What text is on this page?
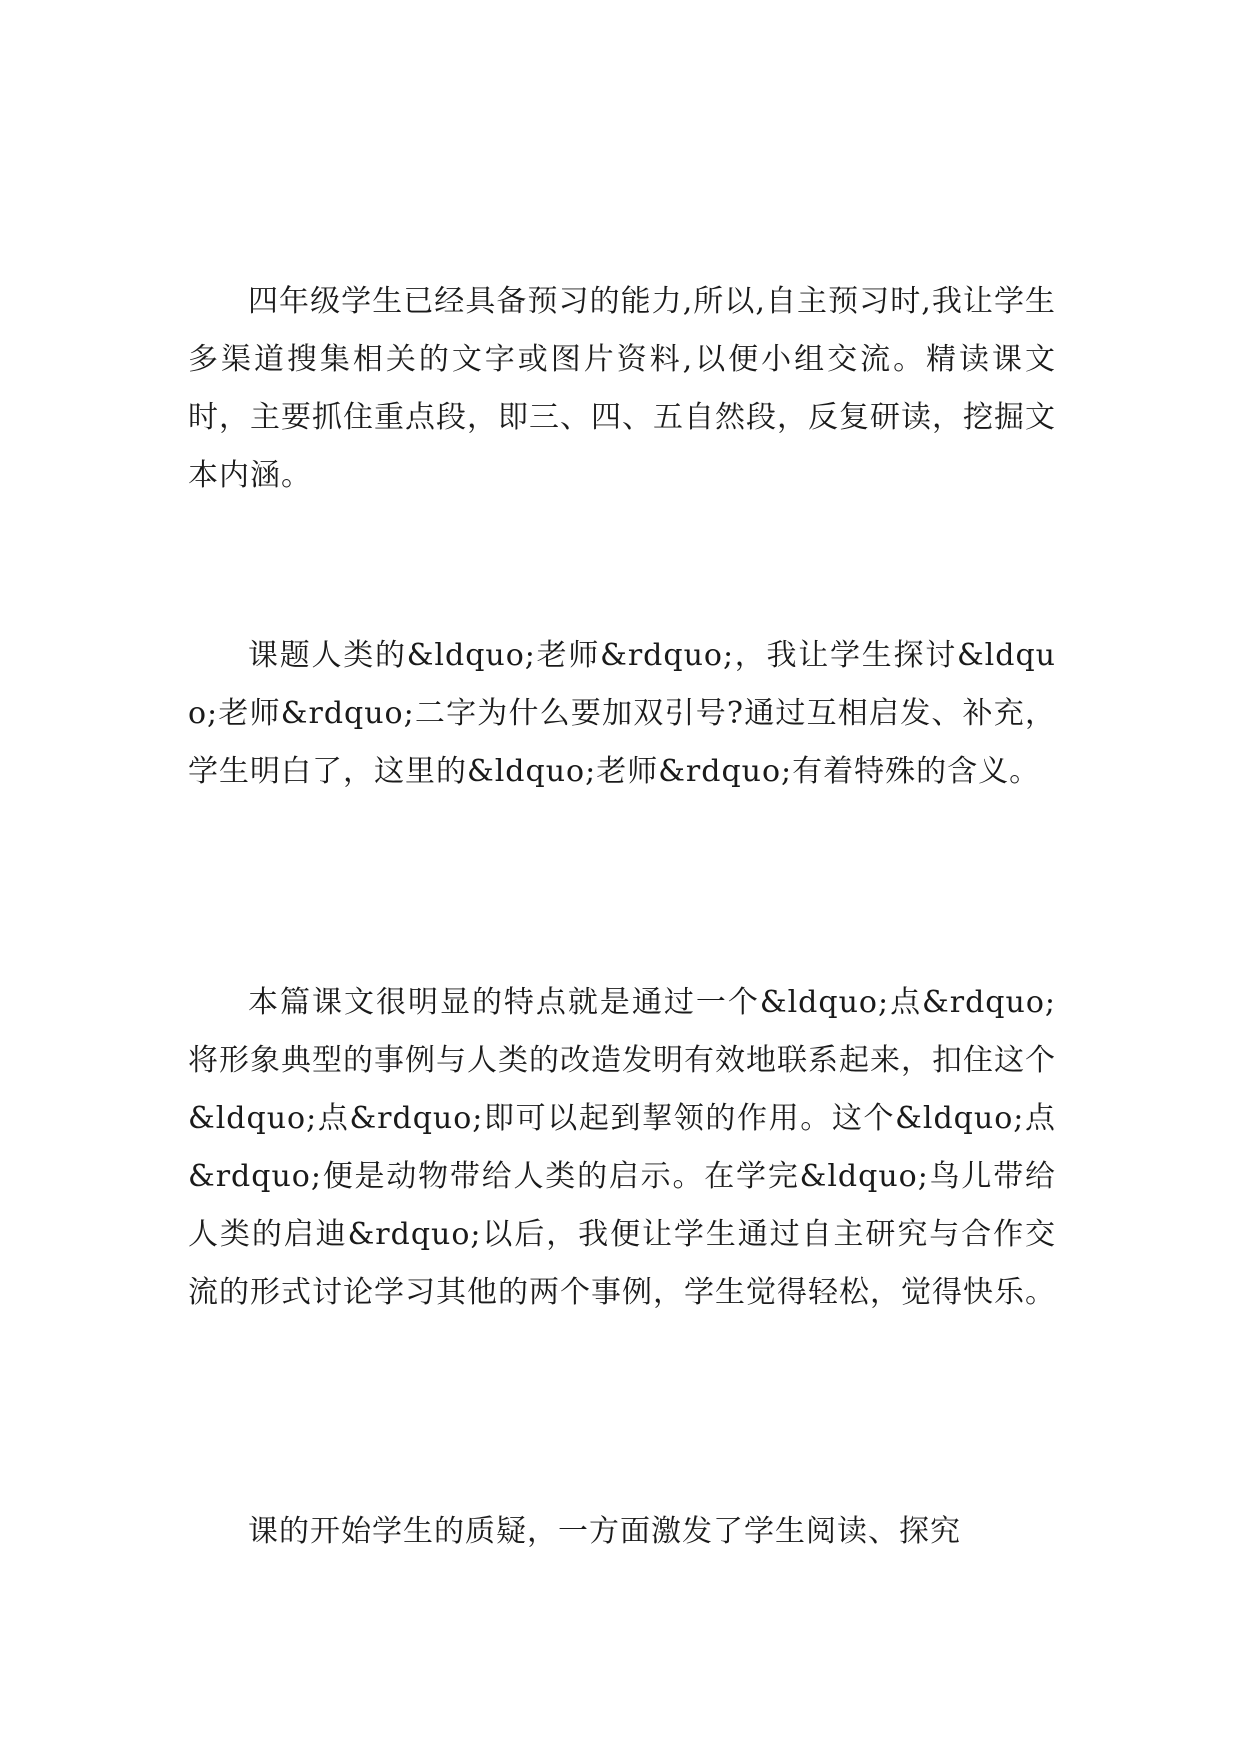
四年级学生已经具备预习的能力,所以,自主预习时,我让学生多渠道搜集相关的文字或图片资料,以便小组交流。精读课文时，主要抓住重点段，即三、四、五自然段，反复研读，挖掘文本内涵。

课题人类的&ldquo;老师&rdquo;，我让学生探讨&ldquo;老师&rdquo;二字为什么要加双引号?通过互相启发、补充，学生明白了，这里的&ldquo;老师&rdquo;有着特殊的含义。

本篇课文很明显的特点就是通过一个&ldquo;点&rdquo;将形象典型的事例与人类的改造发明有效地联系起来，扣住这个&ldquo;点&rdquo;即可以起到挈领的作用。这个&ldquo;点&rdquo;便是动物带给人类的启示。在学完&ldquo;鸟儿带给人类的启迪&rdquo;以后，我便让学生通过自主研究与合作交流的形式讨论学习其他的两个事例，学生觉得轻松，觉得快乐。

课的开始学生的质疑，一方面激发了学生阅读、探究
